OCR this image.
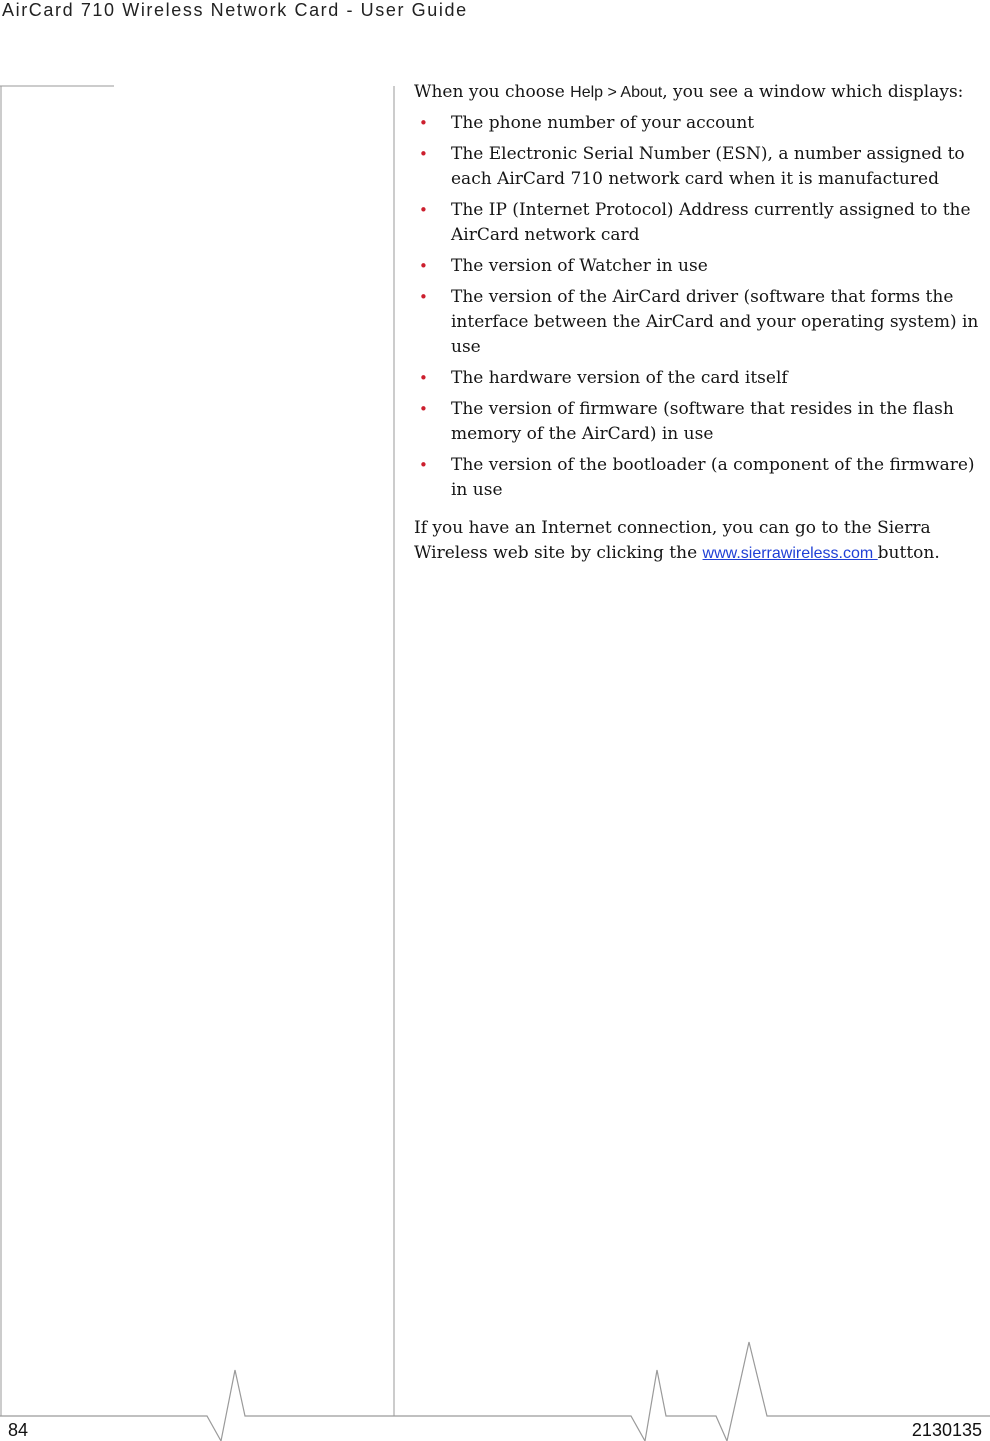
AirCard 710 Wireless Network Card - User Guide

When you choose Help > About, you see a window which displays:

• The phone number of your account
• The Electronic Serial Number (ESN), a number assigned to each AirCard 710 network card when it is manufactured
• The IP (Internet Protocol) Address currently assigned to the AirCard network card
• The version of Watcher in use
• The version of the AirCard driver (software that forms the interface between the AirCard and your operating system) in use
• The hardware version of the card itself
• The version of firmware (software that resides in the flash memory of the AirCard) in use
• The version of the bootloader (a component of the firmware) in use

If you have an Internet connection, you can go to the Sierra Wireless web site by clicking the www.sierrawireless.com button.

84	2130135
